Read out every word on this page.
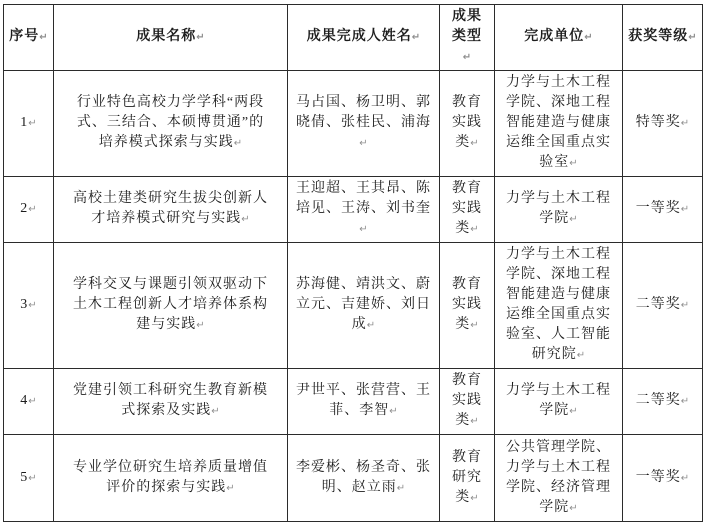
序号↵	成果名称↵	成果完成人姓名↵	成果类型↵	完成单位↵	获奖等级↵
1↵	行业特色高校力学学科“两段式、三结合、本硕博贯通”的培养模式探索与实践↵	马占国、杨卫明、郭晓倩、张桂民、浦海↵	教育实践类↵	力学与土木工程学院、深地工程智能建造与健康运维全国重点实验室↵	特等奖↵
2↵	高校土建类研究生拔尖创新人才培养模式研究与实践↵	王迎超、王其昂、陈培见、王涛、刘书奎↵	教育实践类↵	力学与土木工程学院↵	一等奖↵
3↵	学科交叉与课题引领双驱动下土木工程创新人才培养体系构建与实践↵	苏海健、靖洪文、蔚立元、吉建娇、刘日成↵	教育实践类↵	力学与土木工程学院、深地工程智能建造与健康运维全国重点实验室、人工智能研究院↵	二等奖↵
4↵	党建引领工科研究生教育新模式探索及实践↵	尹世平、张营营、王菲、李智↵	教育实践类↵	力学与土木工程学院↵	二等奖↵
5↵	专业学位研究生培养质量增值评价的探索与实践↵	李爱彬、杨圣奇、张明、赵立雨↵	教育研究类↵	公共管理学院、力学与土木工程学院、经济管理学院↵	一等奖↵
